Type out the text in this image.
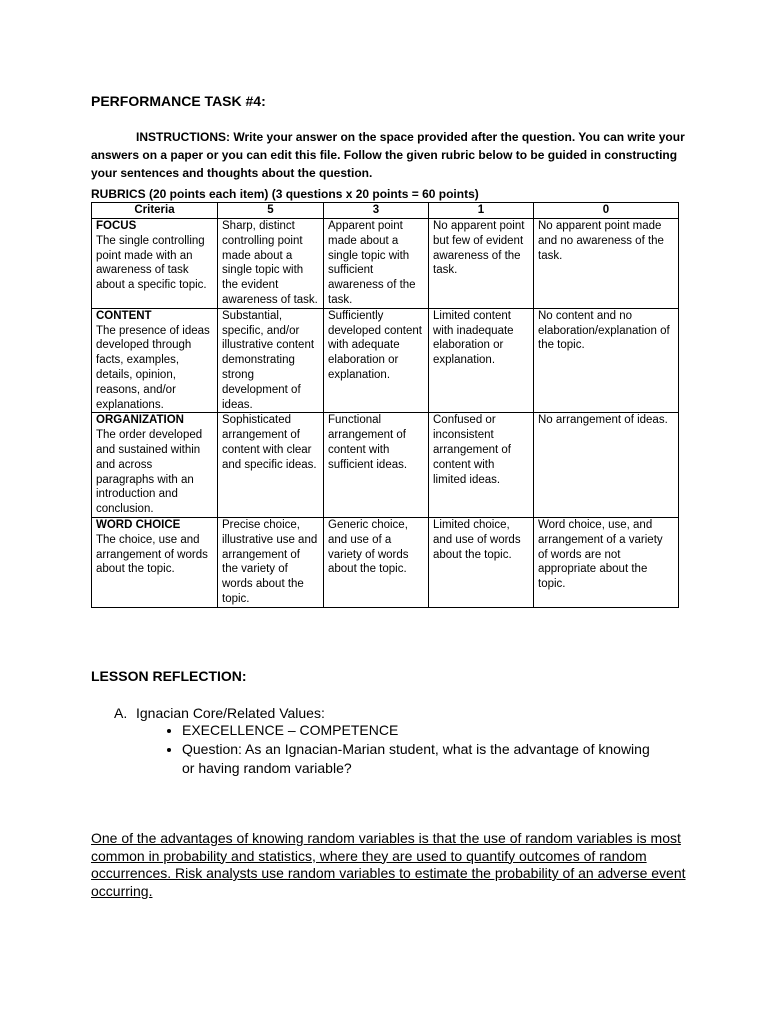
PERFORMANCE TASK #4:
INSTRUCTIONS: Write your answer on the space provided after the question. You can write your answers on a paper or you can edit this file. Follow the given rubric below to be guided in constructing your sentences and thoughts about the question.
RUBRICS (20 points each item) (3 questions x 20 points = 60 points)
Criteria	5	3	1	0

FOCUS
The single controlling point made with an awareness of task about a specific topic.	Sharp, distinct controlling point made about a single topic with the evident awareness of task.	Apparent point made about a single topic with sufficient awareness of the task.	No apparent point but few of evident awareness of the task.	No apparent point made and no awareness of the task.

CONTENT
The presence of ideas developed through facts, examples, details, opinion, reasons, and/or explanations.	Substantial, specific, and/or illustrative content demonstrating strong development of ideas.	Sufficiently developed content with adequate elaboration or explanation.	Limited content with inadequate elaboration or explanation.	No content and no elaboration/explanation of the topic.

ORGANIZATION
The order developed and sustained within and across paragraphs with an introduction and conclusion.	Sophisticated arrangement of content with clear and specific ideas.	Functional arrangement of content with sufficient ideas.	Confused or inconsistent arrangement of content with limited ideas.	No arrangement of ideas.

WORD CHOICE
The choice, use and arrangement of words about the topic.	Precise choice, illustrative use and arrangement of the variety of words about the topic.	Generic choice, and use of a variety of words about the topic.	Limited choice, and use of words about the topic.	Word choice, use, and arrangement of a variety of words are not appropriate about the topic.
LESSON REFLECTION:
A. Ignacian Core/Related Values:
• EXECELLENCE – COMPETENCE
• Question: As an Ignacian-Marian student, what is the advantage of knowing or having random variable?
One of the advantages of knowing random variables is that the use of random variables is most common in probability and statistics, where they are used to quantify outcomes of random occurrences. Risk analysts use random variables to estimate the probability of an adverse event occurring.
